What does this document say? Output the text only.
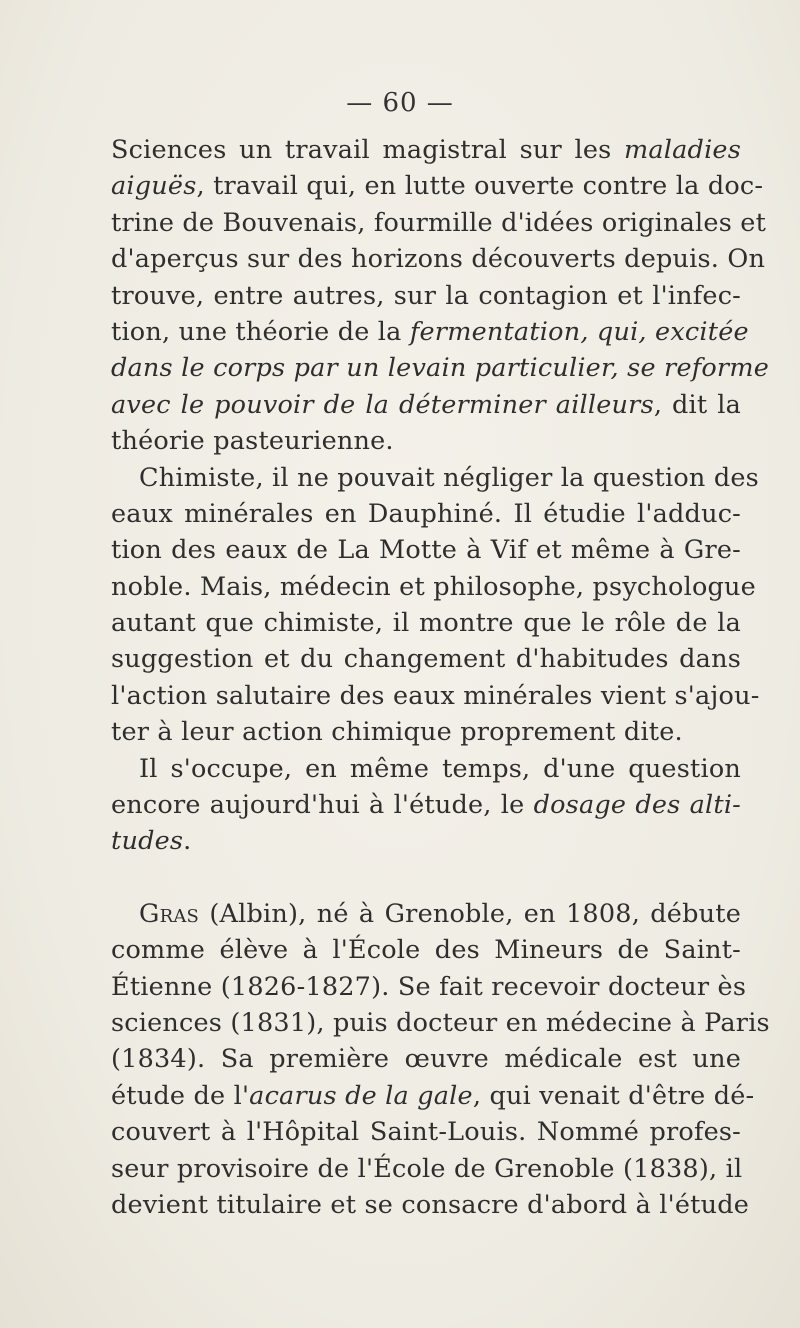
— 60 —
Sciences un travail magistral sur les maladies
aiguës, travail qui, en lutte ouverte contre la doc-
trine de Bouvenais, fourmille d'idées originales et
d'aperçus sur des horizons découverts depuis. On
trouve, entre autres, sur la contagion et l'infec-
tion, une théorie de la fermentation, qui, excitée
dans le corps par un levain particulier, se reforme
avec le pouvoir de la déterminer ailleurs, dit la
théorie pasteurienne.
Chimiste, il ne pouvait négliger la question des
eaux minérales en Dauphiné. Il étudie l'adduc-
tion des eaux de La Motte à Vif et même à Gre-
noble. Mais, médecin et philosophe, psychologue
autant que chimiste, il montre que le rôle de la
suggestion et du changement d'habitudes dans
l'action salutaire des eaux minérales vient s'ajou-
ter à leur action chimique proprement dite.
Il s'occupe, en même temps, d'une question
encore aujourd'hui à l'étude, le dosage des alti-
tudes.
Gras (Albin), né à Grenoble, en 1808, débute
comme élève à l'École des Mineurs de Saint-
Étienne (1826-1827). Se fait recevoir docteur ès
sciences (1831), puis docteur en médecine à Paris
(1834). Sa première œuvre médicale est une
étude de l'acarus de la gale, qui venait d'être dé-
couvert à l'Hôpital Saint-Louis. Nommé profes-
seur provisoire de l'École de Grenoble (1838), il
devient titulaire et se consacre d'abord à l'étude
